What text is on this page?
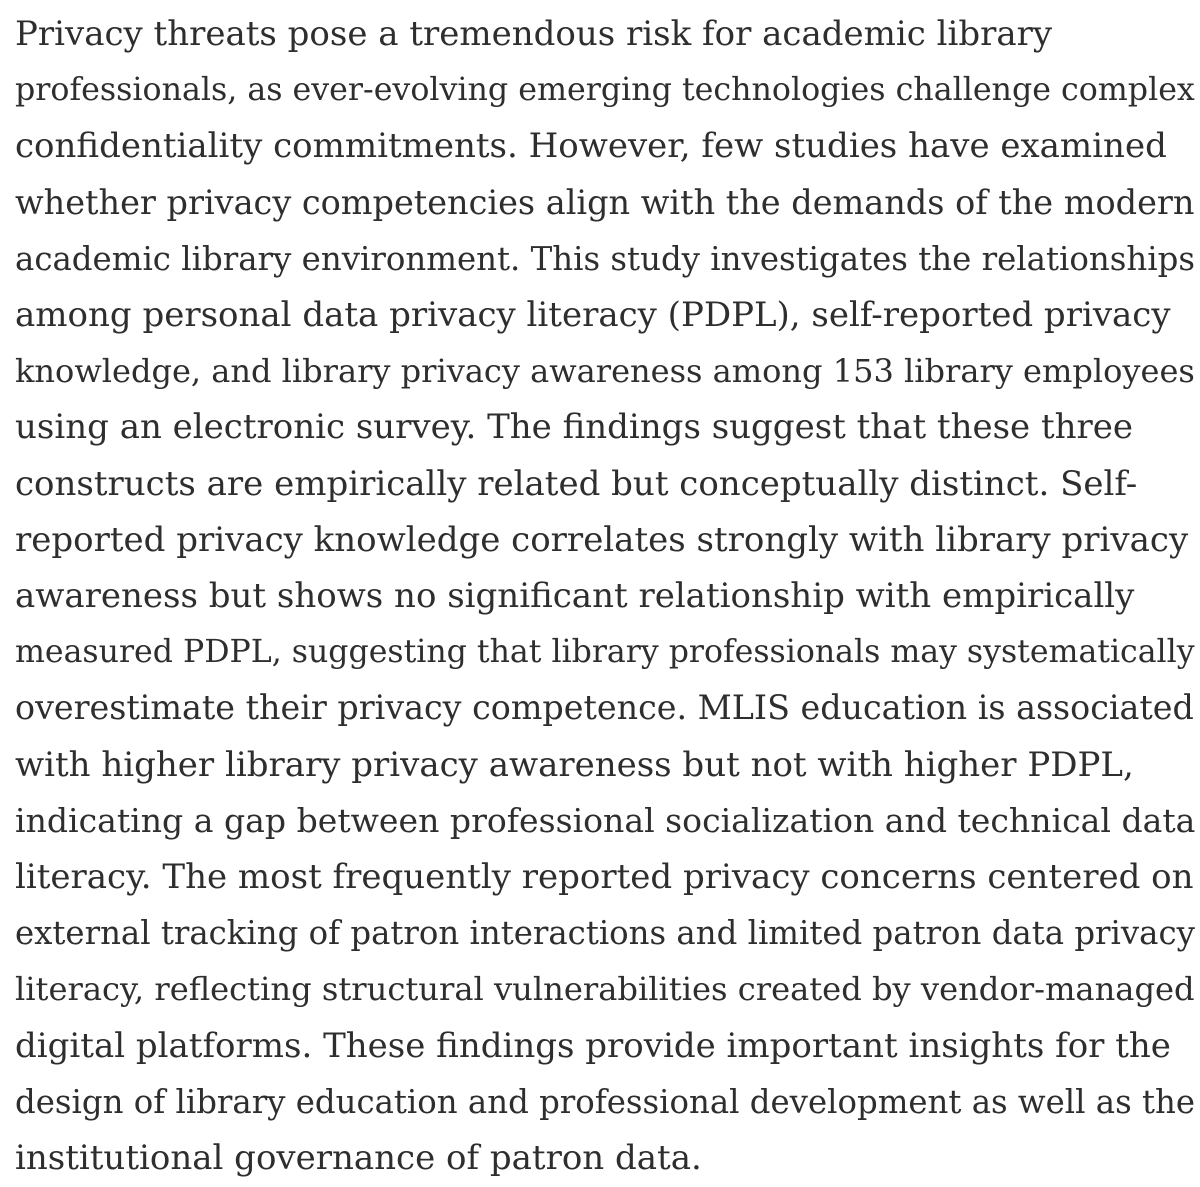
Privacy threats pose a tremendous risk for academic library
professionals, as ever-evolving emerging technologies challenge complex
confidentiality commitments. However, few studies have examined
whether privacy competencies align with the demands of the modern
academic library environment. This study investigates the relationships
among personal data privacy literacy (PDPL), self-reported privacy
knowledge, and library privacy awareness among 153 library employees
using an electronic survey. The findings suggest that these three
constructs are empirically related but conceptually distinct. Self-
reported privacy knowledge correlates strongly with library privacy
awareness but shows no significant relationship with empirically
measured PDPL, suggesting that library professionals may systematically
overestimate their privacy competence. MLIS education is associated
with higher library privacy awareness but not with higher PDPL,
indicating a gap between professional socialization and technical data
literacy. The most frequently reported privacy concerns centered on
external tracking of patron interactions and limited patron data privacy
literacy, reflecting structural vulnerabilities created by vendor-managed
digital platforms. These findings provide important insights for the
design of library education and professional development as well as the
institutional governance of patron data.
